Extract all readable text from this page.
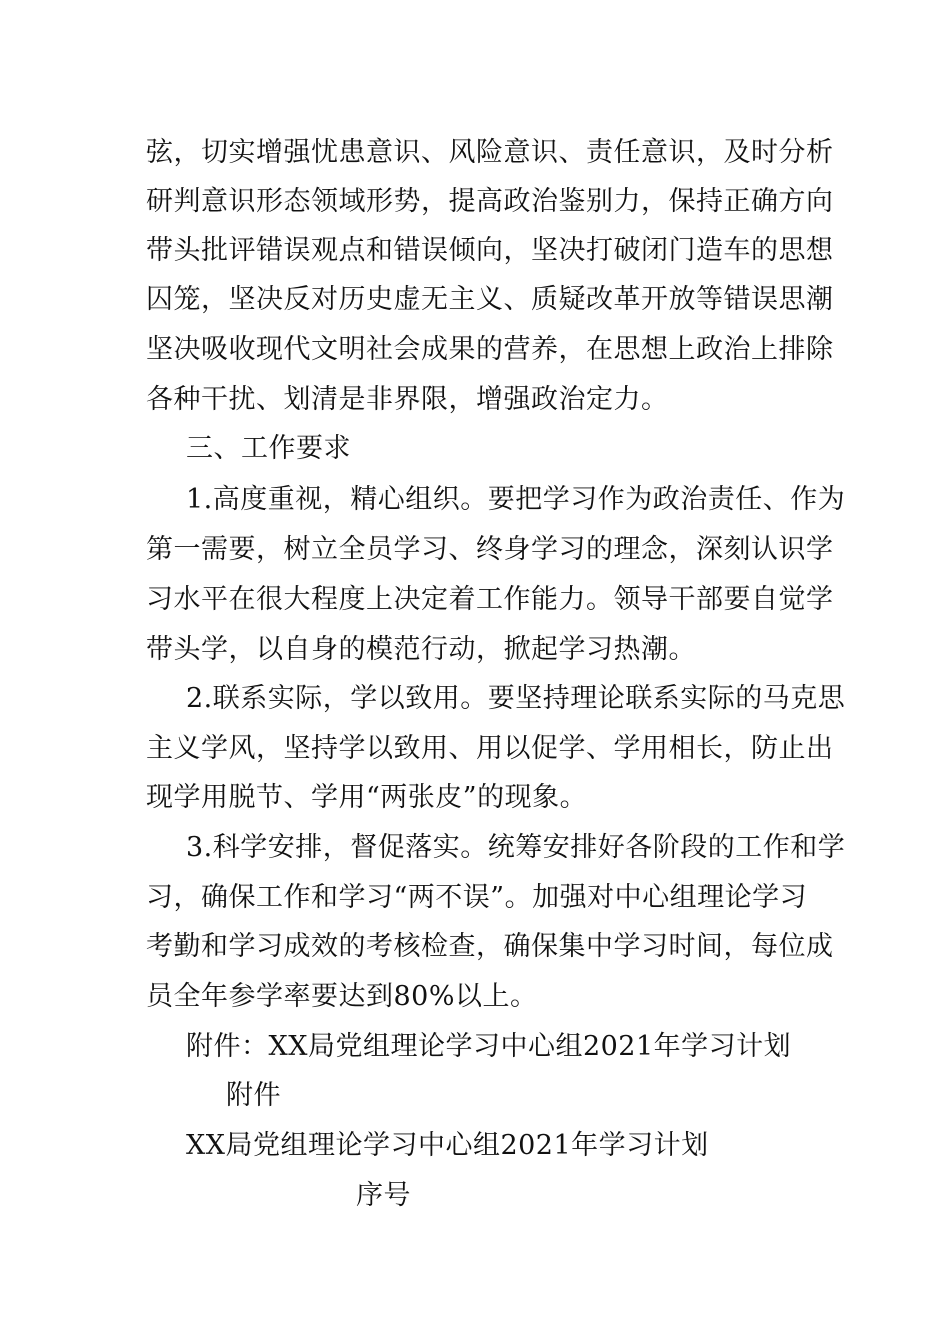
弦，切实增强忧患意识、风险意识、责任意识，及时分析
研判意识形态领域形势，提高政治鉴别力，保持正确方向
带头批评错误观点和错误倾向，坚决打破闭门造车的思想
囚笼，坚决反对历史虚无主义、质疑改革开放等错误思潮
坚决吸收现代文明社会成果的营养，在思想上政治上排除
各种干扰、划清是非界限，增强政治定力。
三、工作要求
1.高度重视，精心组织。要把学习作为政治责任、作为
第一需要，树立全员学习、终身学习的理念，深刻认识学
习水平在很大程度上决定着工作能力。领导干部要自觉学
带头学，以自身的模范行动，掀起学习热潮。
2.联系实际，学以致用。要坚持理论联系实际的马克思
主义学风，坚持学以致用、用以促学、学用相长，防止出
现学用脱节、学用“两张皮”的现象。
3.科学安排，督促落实。统筹安排好各阶段的工作和学
习，确保工作和学习“两不误”。加强对中心组理论学习
考勤和学习成效的考核检查，确保集中学习时间，每位成
员全年参学率要达到80%以上。
附件：XX局党组理论学习中心组2021年学习计划
附件
XX局党组理论学习中心组2021年学习计划
序号
